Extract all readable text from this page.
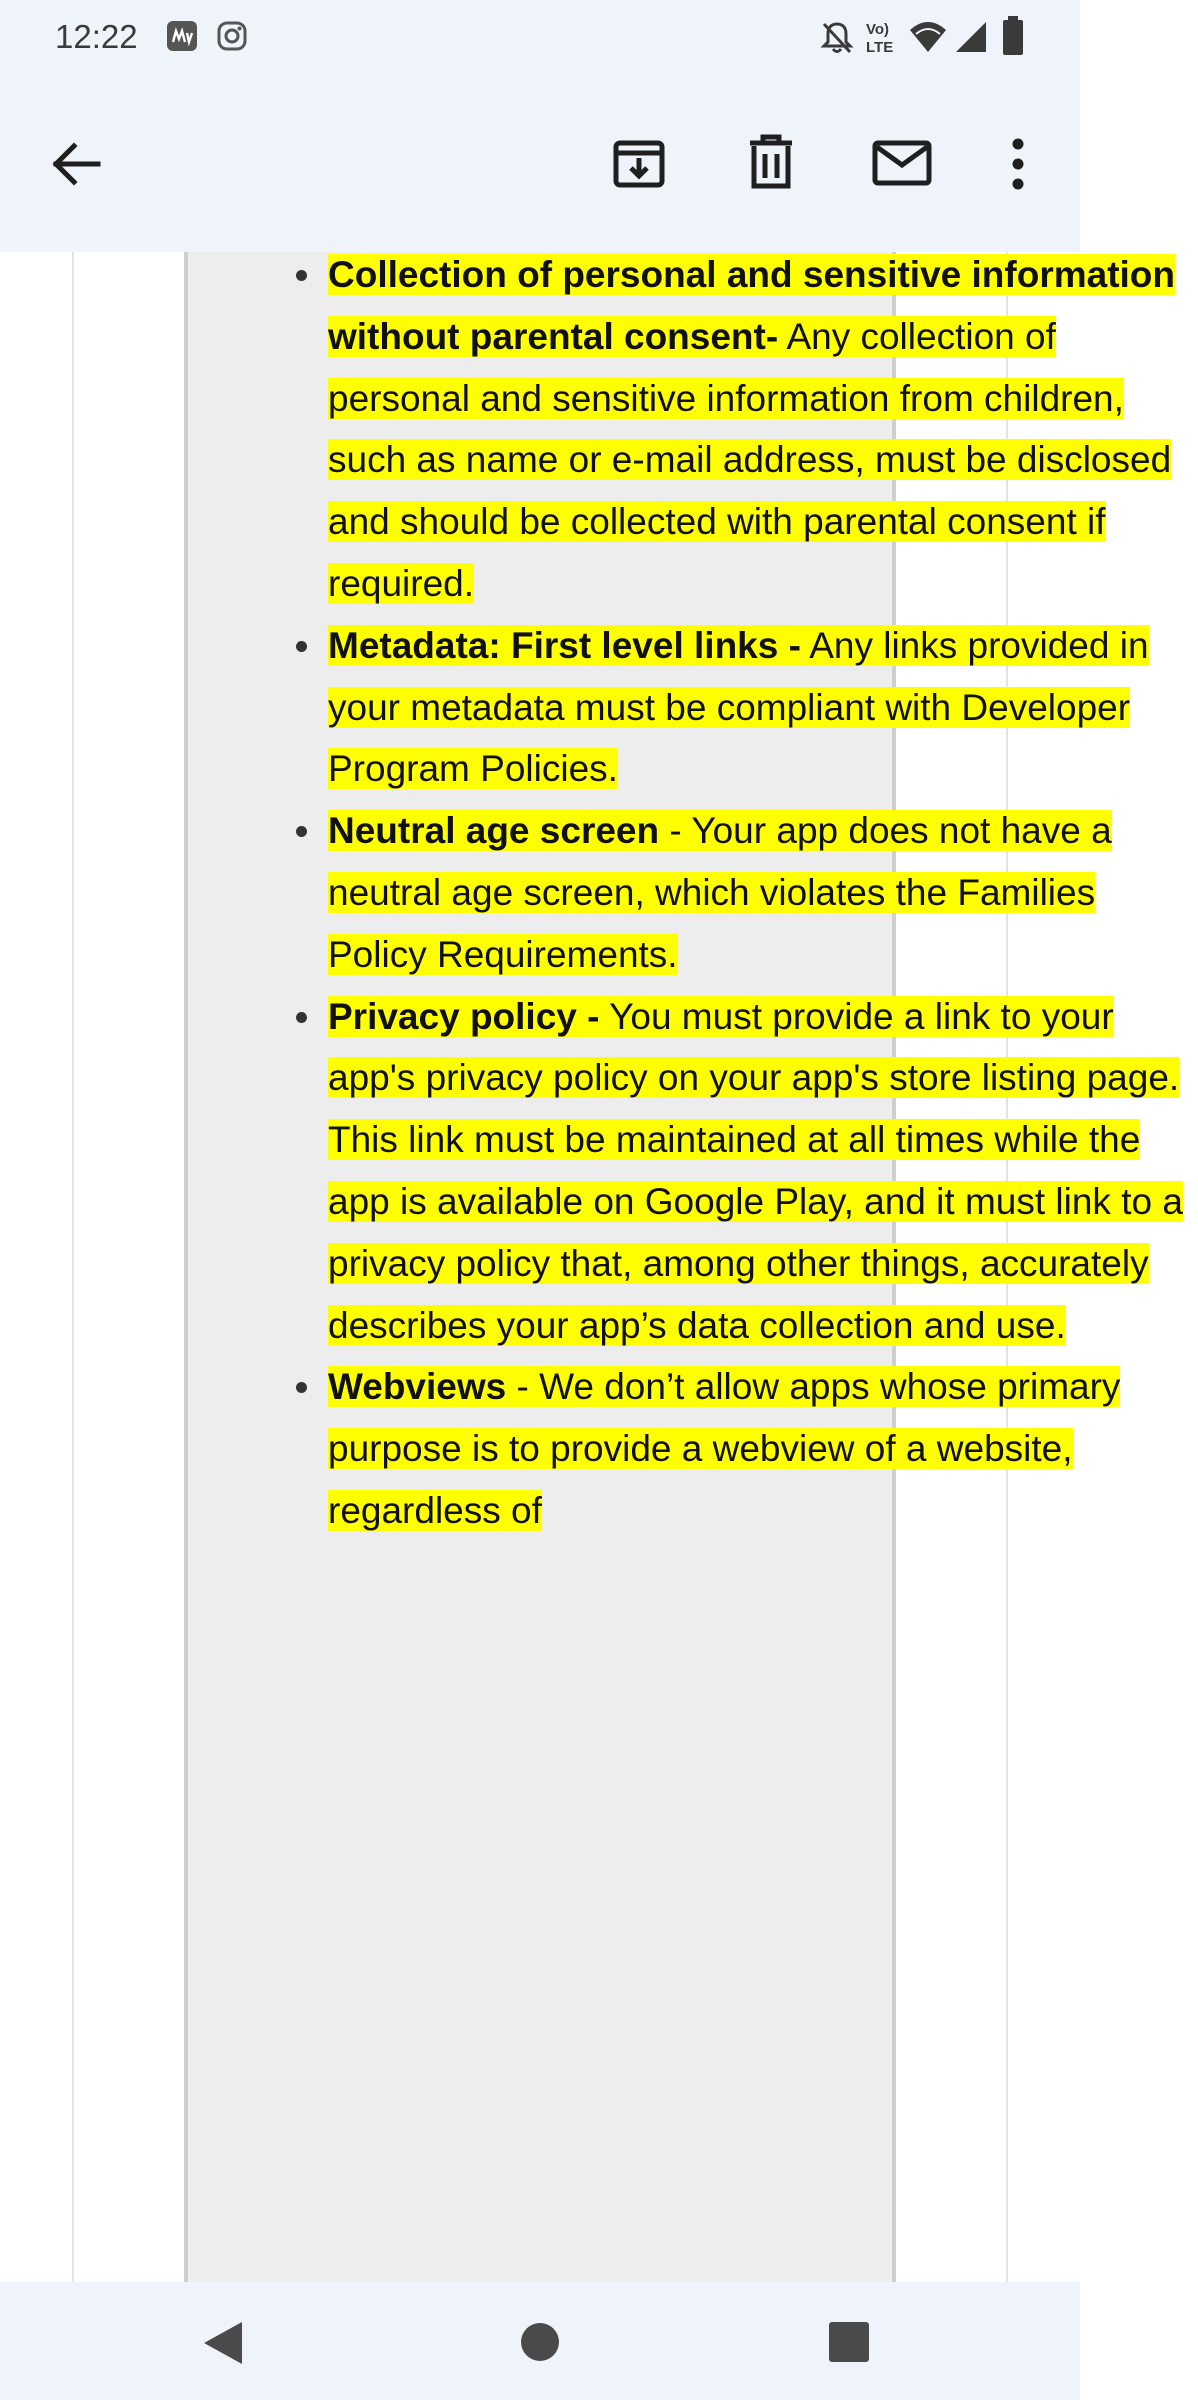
12:22	Vo)
LTE
Collection of personal and sensitive information without parental consent- Any collection of personal and sensitive information from children, such as name or e-mail address, must be disclosed and should be collected with parental consent if required.
Metadata: First level links - Any links provided in your metadata must be compliant with Developer Program Policies.
Neutral age screen - Your app does not have a neutral age screen, which violates the Families Policy Requirements.
Privacy policy - You must provide a link to your app's privacy policy on your app's store listing page. This link must be maintained at all times while the app is available on Google Play, and it must link to a privacy policy that, among other things, accurately describes your app’s data collection and use.
Webviews - We don’t allow apps whose primary purpose is to provide a webview of a website, regardless of
